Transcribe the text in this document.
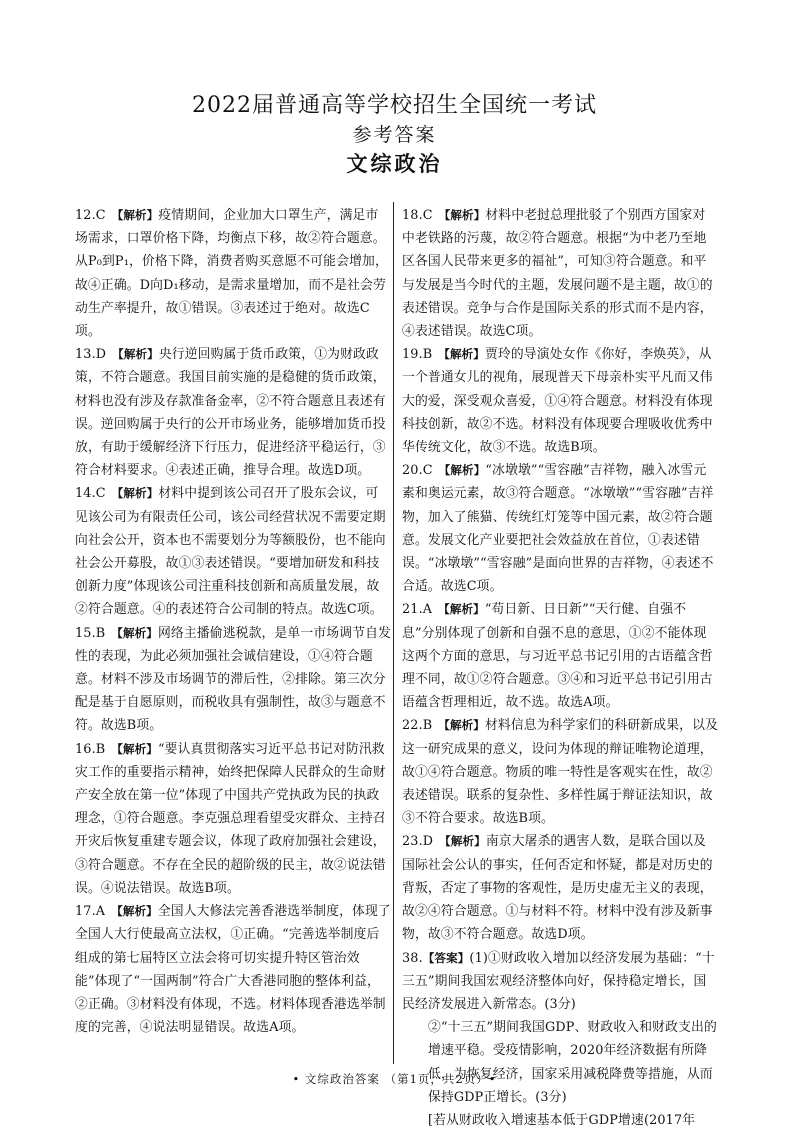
2022届普通高等学校招生全国统一考试
参考答案
文综政治

12.C 【解析】疫情期间，企业加大口罩生产，满足市场需求，口罩价格下降，均衡点下移，故②符合题意。从P₀到P₁，价格下降，消费者购买意愿不可能会增加，故④正确。D向D₁移动，是需求量增加，而不是社会劳动生产率提升，故①错误。③表述过于绝对。故选C项。

13.D 【解析】央行逆回购属于货币政策，①为财政政策，不符合题意。我国目前实施的是稳健的货币政策，材料也没有涉及存款准备金率，②不符合题意且表述有误。逆回购属于央行的公开市场业务，能够增加货币投放，有助于缓解经济下行压力，促进经济平稳运行，③符合材料要求。④表述正确，推导合理。故选D项。

14.C 【解析】材料中提到该公司召开了股东会议，可见该公司为有限责任公司，该公司经营状况不需要定期向社会公开，资本也不需要划分为等额股份，也不能向社会公开募股，故①③表述错误。“要增加研发和科技创新力度”体现该公司注重科技创新和高质量发展，故②符合题意。④的表述符合公司制的特点。故选C项。

15.B 【解析】网络主播偷逃税款，是单一市场调节自发性的表现，为此必须加强社会诚信建设，①④符合题意。材料不涉及市场调节的滞后性，②排除。第三次分配是基于自愿原则，而税收具有强制性，故③与题意不符。故选B项。

16.B 【解析】“要认真贯彻落实习近平总书记对防汛救灾工作的重要指示精神，始终把保障人民群众的生命财产安全放在第一位”体现了中国共产党执政为民的执政理念，①符合题意。李克强总理看望受灾群众、主持召开灾后恢复重建专题会议，体现了政府加强社会建设，③符合题意。不存在全民的超阶级的民主，故②说法错误。④说法错误。故选B项。

17.A 【解析】全国人大修法完善香港选举制度，体现了全国人大行使最高立法权，①正确。“完善选举制度后组成的第七届特区立法会将可切实提升特区管治效能”体现了“一国两制”符合广大香港同胞的整体利益，②正确。③材料没有体现，不选。材料体现香港选举制度的完善，④说法明显错误。故选A项。

18.C 【解析】材料中老挝总理批驳了个别西方国家对中老铁路的污蔑，故②符合题意。根据“为中老乃至地区各国人民带来更多的福祉”，可知③符合题意。和平与发展是当今时代的主题，发展问题不是主题，故①的表述错误。竞争与合作是国际关系的形式而不是内容，④表述错误。故选C项。

19.B 【解析】贾玲的导演处女作《你好，李焕英》，从一个普通女儿的视角，展现普天下母亲朴实平凡而又伟大的爱，深受观众喜爱，①④符合题意。材料没有体现科技创新，故②不选。材料没有体现要合理吸收优秀中华传统文化，故③不选。故选B项。

20.C 【解析】“冰墩墩”“雪容融”吉祥物，融入冰雪元素和奥运元素，故③符合题意。“冰墩墩”“雪容融”吉祥物，加入了熊猫、传统红灯笼等中国元素，故②符合题意。发展文化产业要把社会效益放在首位，①表述错误。“冰墩墩”“雪容融”是面向世界的吉祥物，④表述不合适。故选C项。

21.A 【解析】“苟日新、日日新”“天行健、自强不息”分别体现了创新和自强不息的意思，①②不能体现这两个方面的意思，与习近平总书记引用的古语蕴含哲理不同，故①②符合题意。③④和习近平总书记引用古语蕴含哲理相近，故不选。故选A项。

22.B 【解析】材料信息为科学家们的科研新成果，以及这一研究成果的意义，设问为体现的辩证唯物论道理，故①④符合题意。物质的唯一特性是客观实在性，故②表述错误。联系的复杂性、多样性属于辩证法知识，故③不符合要求。故选B项。

23.D 【解析】南京大屠杀的遇害人数，是联合国以及国际社会公认的事实，任何否定和怀疑，都是对历史的背叛，否定了事物的客观性，是历史虚无主义的表现，故②④符合题意。①与材料不符。材料中没有涉及新事物，故③不符合题意。故选D项。

38.【答案】(1)①财政收入增加以经济发展为基础：“十三五”期间我国宏观经济整体向好，保持稳定增长，国民经济发展进入新常态。(3分)

②“十三五”期间我国GDP、财政收入和财政支出的增速平稳。受疫情影响，2020年经济数据有所降低，为恢复经济，国家采用减税降费等措施，从而保持GDP正增长。(3分)

[若从财政收入增速基本低于GDP增速(2017年

• 文综政治答案 （第1页，共2页）•
